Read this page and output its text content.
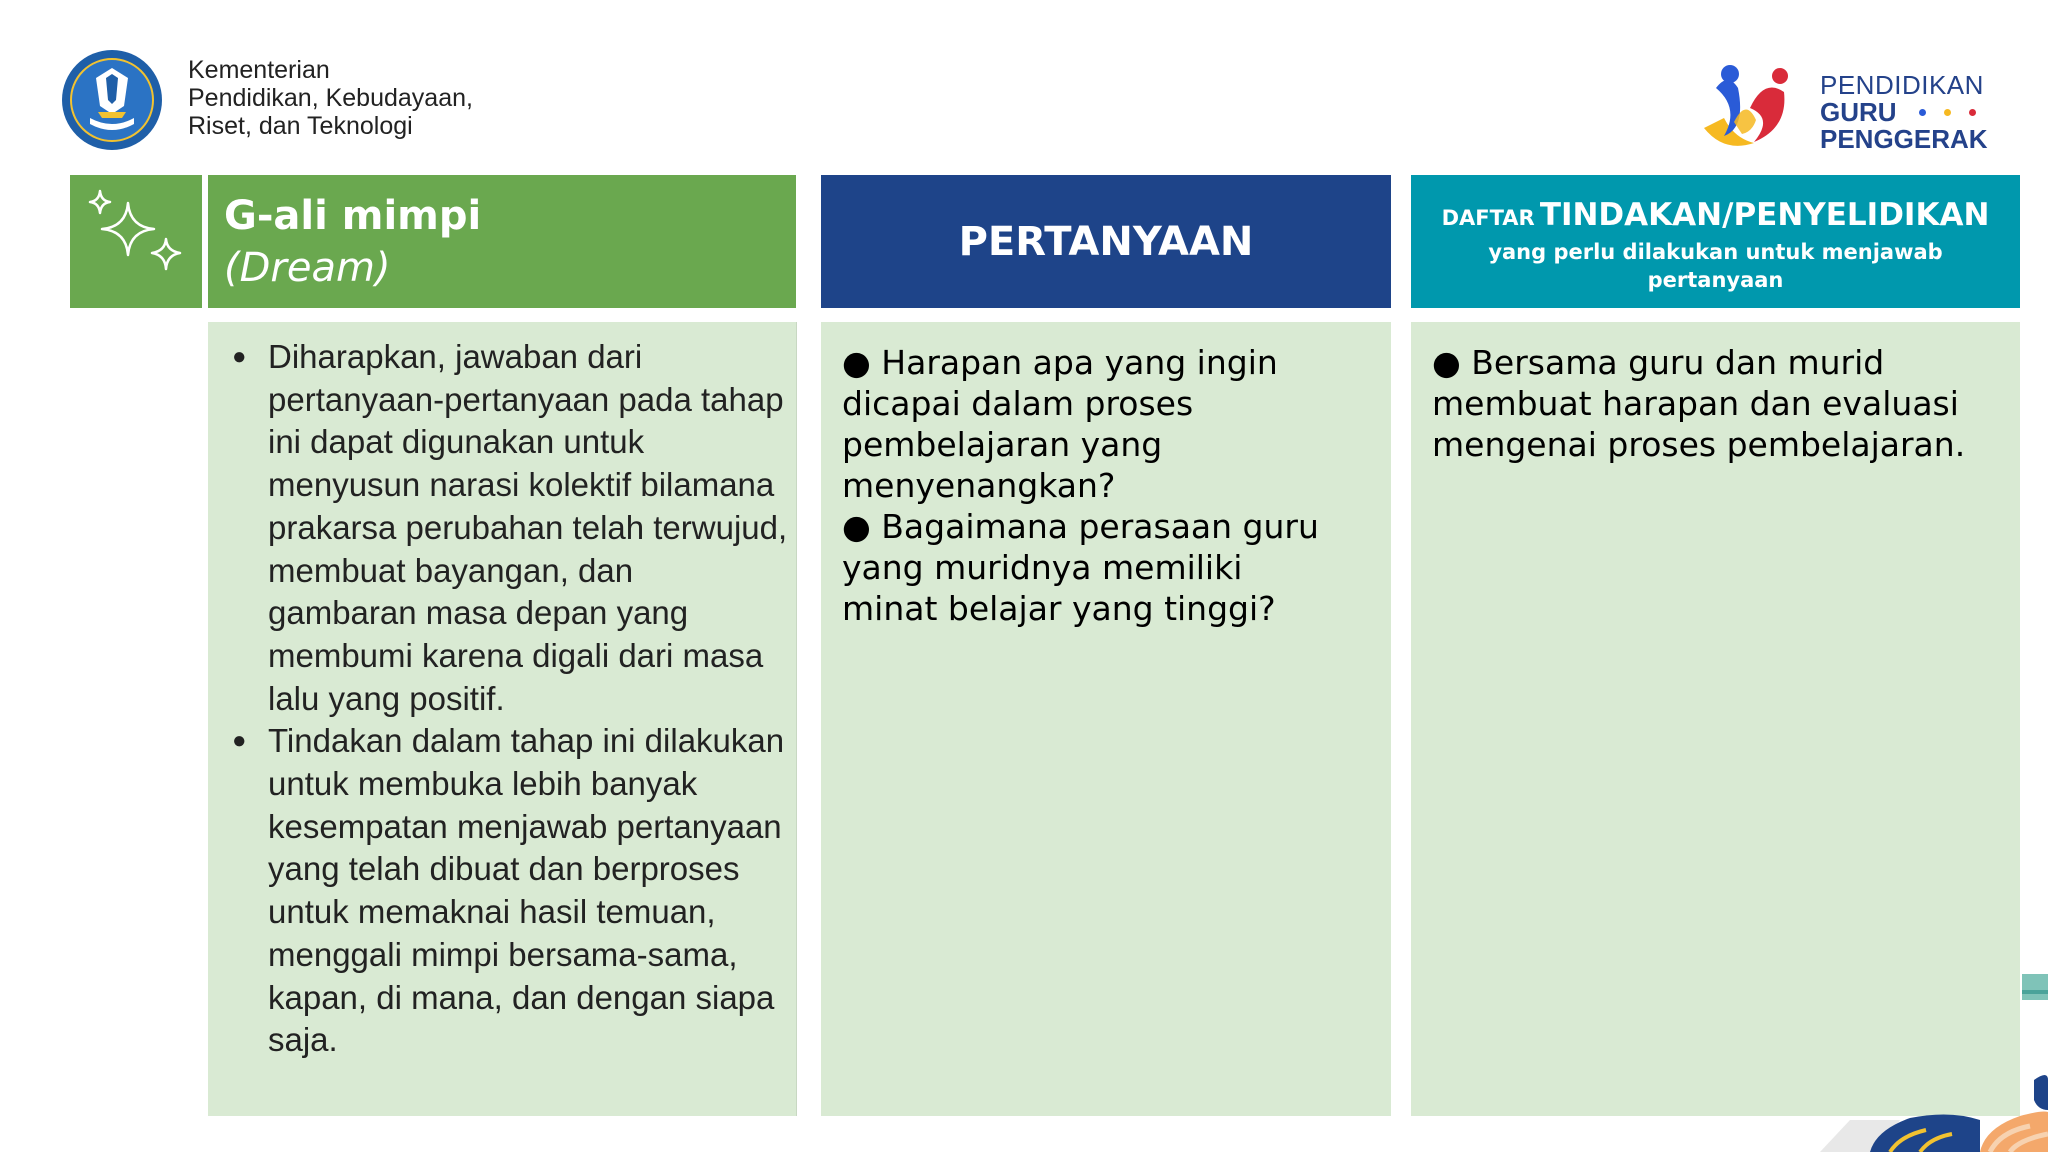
Kementerian
Pendidikan, Kebudayaan,
Riset, dan Teknologi
PENDIDIKAN
GURU
PENGGERAK
G-ali mimpi
(Dream)
PERTANYAAN
DAFTAR TINDAKAN/PENYELIDIKAN
yang perlu dilakukan untuk menjawab pertanyaan
● Diharapkan, jawaban dari pertanyaan-pertanyaan pada tahap ini dapat digunakan untuk menyusun narasi kolektif bilamana prakarsa perubahan telah terwujud, membuat bayangan, dan gambaran masa depan yang membumi karena digali dari masa lalu yang positif.
● Tindakan dalam tahap ini dilakukan untuk membuka lebih banyak kesempatan menjawab pertanyaan yang telah dibuat dan berproses untuk memaknai hasil temuan, menggali mimpi bersama-sama, kapan, di mana, dan dengan siapa saja.
● Harapan apa yang ingin
dicapai dalam proses
pembelajaran yang
menyenangkan?
● Bagaimana perasaan guru
yang muridnya memiliki
minat belajar yang tinggi?
● Bersama guru dan murid
membuat harapan dan evaluasi
mengenai proses pembelajaran.
